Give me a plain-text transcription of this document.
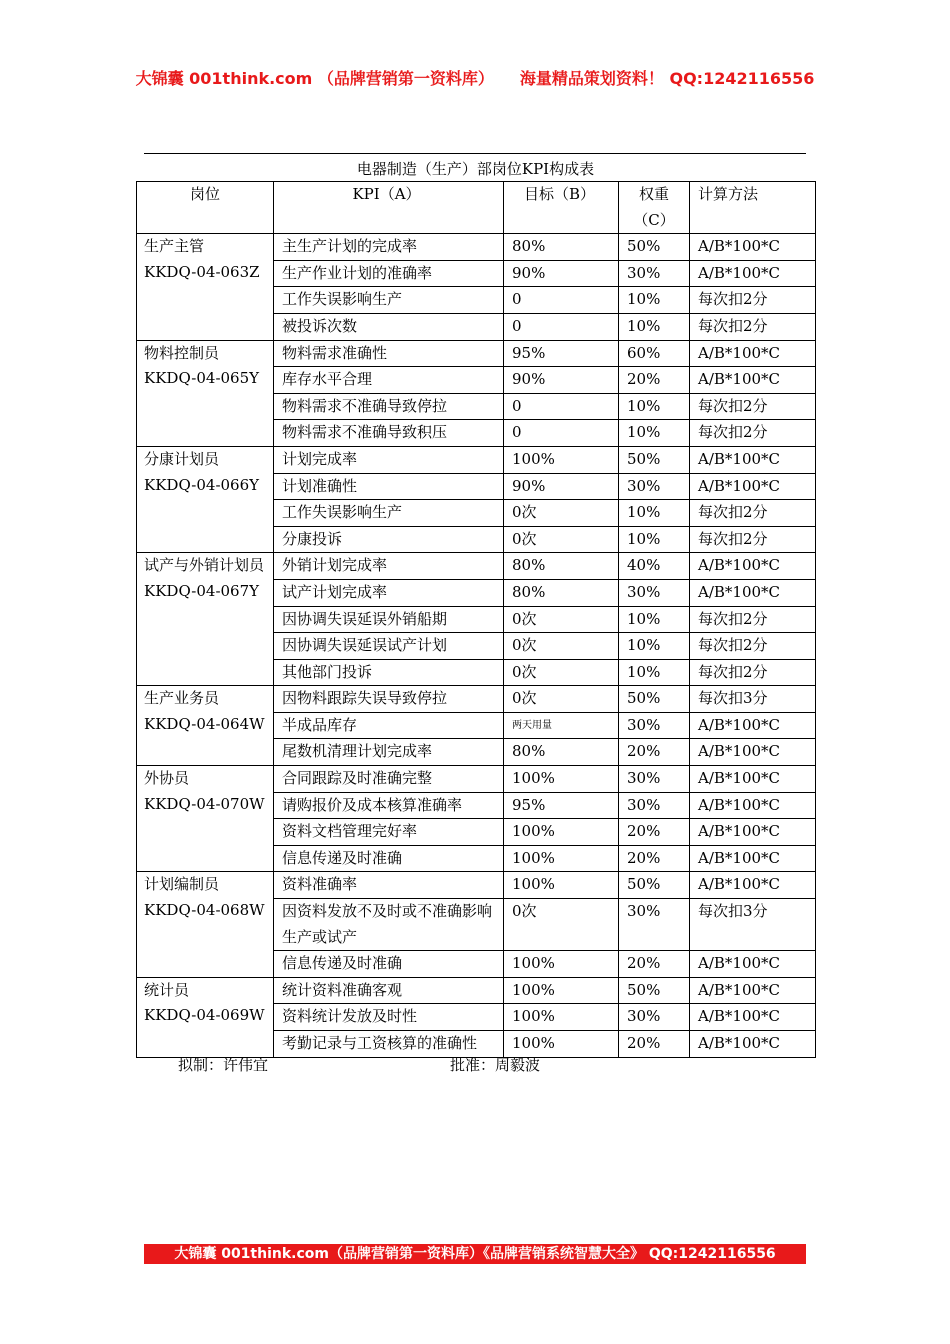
大锦囊 001think.com （品牌营销第一资料库） 海量精品策划资料！ QQ:1242116556
电器制造（生产）部岗位KPI构成表
岗位	KPI（A）	目标（B）	权重（C）	计算方法

生产主管
KKDQ-04-063Z	主生产计划的完成率	80%	50%	A/B*100*C
	生产作业计划的准确率	90%	30%	A/B*100*C
	工作失误影响生产	0	10%	每次扣2分
	被投诉次数	0	10%	每次扣2分

物料控制员
KKDQ-04-065Y	物料需求准确性	95%	60%	A/B*100*C
	库存水平合理	90%	20%	A/B*100*C
	物料需求不准确导致停拉	0	10%	每次扣2分
	物料需求不准确导致积压	0	10%	每次扣2分

分康计划员
KKDQ-04-066Y	计划完成率	100%	50%	A/B*100*C
	计划准确性	90%	30%	A/B*100*C
	工作失误影响生产	0次	10%	每次扣2分
	分康投诉	0次	10%	每次扣2分

试产与外销计划员
KKDQ-04-067Y	外销计划完成率	80%	40%	A/B*100*C
	试产计划完成率	80%	30%	A/B*100*C
	因协调失误延误外销船期	0次	10%	每次扣2分
	因协调失误延误试产计划	0次	10%	每次扣2分
	其他部门投诉	0次	10%	每次扣2分

生产业务员
KKDQ-04-064W	因物料跟踪失误导致停拉	0次	50%	每次扣3分
	半成品库存	两天用量	30%	A/B*100*C
	尾数机清理计划完成率	80%	20%	A/B*100*C

外协员
KKDQ-04-070W	合同跟踪及时准确完整	100%	30%	A/B*100*C
	请购报价及成本核算准确率	95%	30%	A/B*100*C
	资料文档管理完好率	100%	20%	A/B*100*C
	信息传递及时准确	100%	20%	A/B*100*C

计划编制员
KKDQ-04-068W	资料准确率	100%	50%	A/B*100*C
	因资料发放不及时或不准确影响生产或试产	0次	30%	每次扣3分
	信息传递及时准确	100%	20%	A/B*100*C

统计员
KKDQ-04-069W	统计资料准确客观	100%	50%	A/B*100*C
	资料统计发放及时性	100%	30%	A/B*100*C
	考勤记录与工资核算的准确性	100%	20%	A/B*100*C
拟制：许伟宜	批准：周毅波
大锦囊 001think.com（品牌营销第一资料库）《品牌营销系统智慧大全》 QQ:1242116556
